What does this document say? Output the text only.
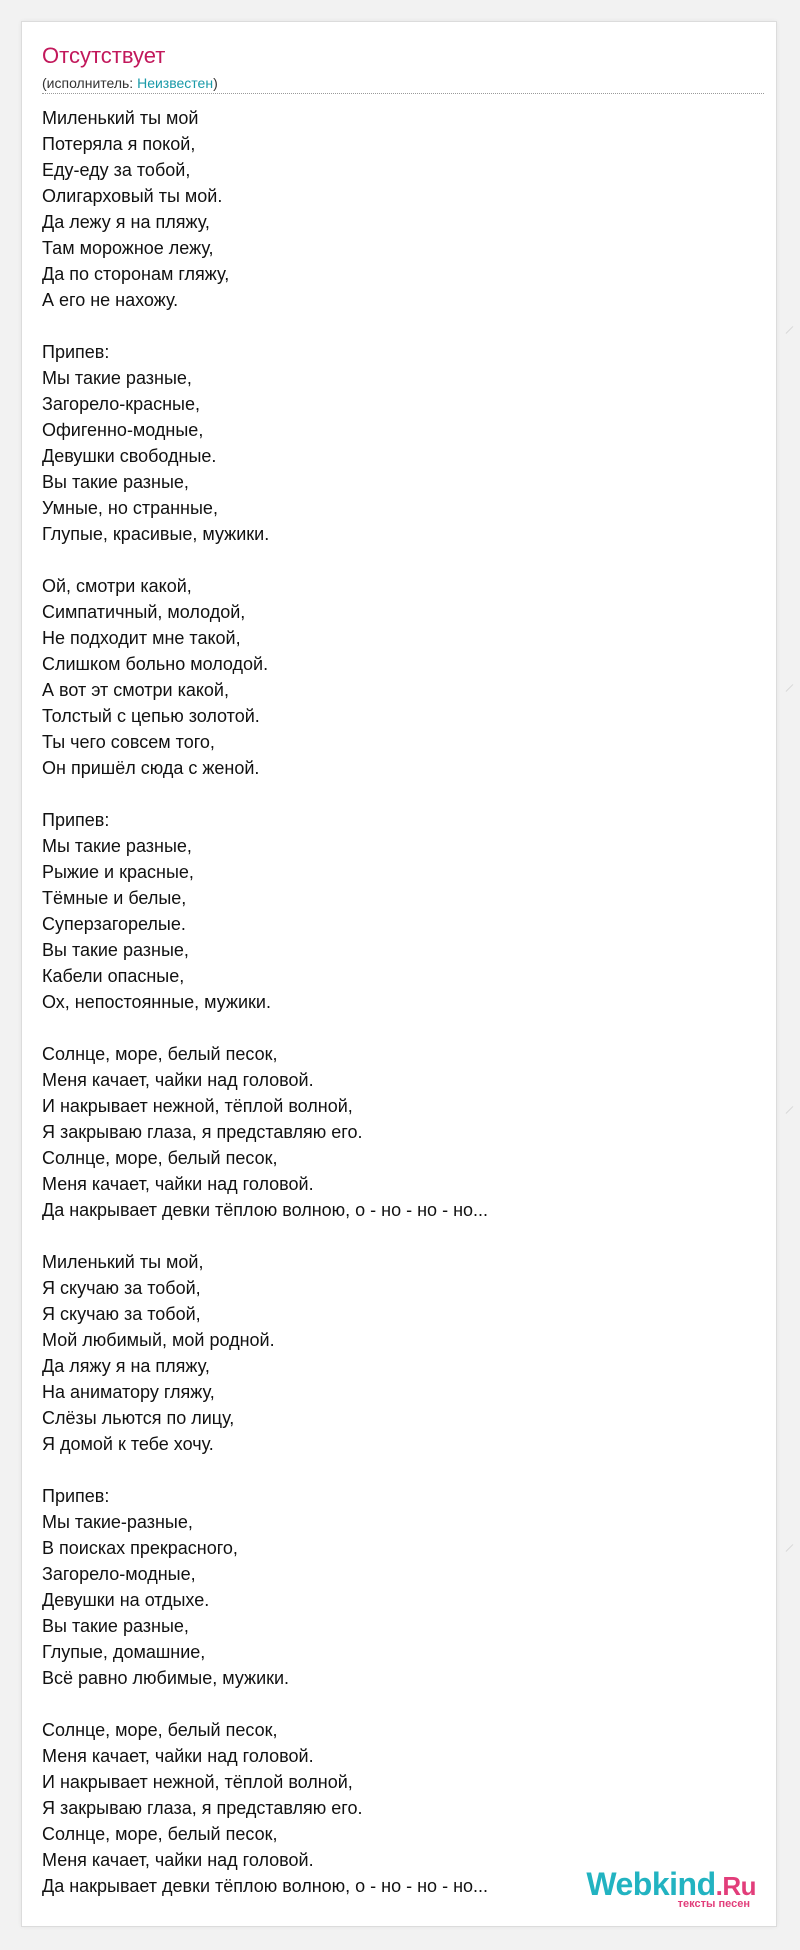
Отсутствует
(исполнитель: Неизвестен)
Миленький ты мой
Потеряла я покой,
Еду-еду за тобой,
Олигарховый ты мой.
Да лежу я на пляжу,
Там морожное лежу,
Да по сторонам гляжу,
А его не нахожу.
Припев:
Мы такие разные,
Загорело-красные,
Офигенно-модные,
Девушки свободные.
Вы такие разные,
Умные, но странные,
Глупые, красивые, мужики.
Ой, смотри какой,
Симпатичный, молодой,
Не подходит мне такой,
Слишком больно молодой.
А вот эт смотри какой,
Толстый с цепью золотой.
Ты чего совсем того,
Он пришёл сюда с женой.
Припев:
Мы такие разные,
Рыжие и красные,
Тёмные и белые,
Суперзагорелые.
Вы такие разные,
Кабели опасные,
Ох, непостоянные, мужики.
Солнце, море, белый песок,
Меня качает, чайки над головой.
И накрывает нежной, тёплой волной,
Я закрываю глаза, я представляю его.
Солнце, море, белый песок,
Меня качает, чайки над головой.
Да накрывает девки тёплою волною, о - но - но - но...
Миленький ты мой,
Я скучаю за тобой,
Я скучаю за тобой,
Мой любимый, мой родной.
Да ляжу я на пляжу,
На аниматору гляжу,
Слёзы льются по лицу,
Я домой к тебе хочу.
Припев:
Мы такие-разные,
В поисках прекрасного,
Загорело-модные,
Девушки на отдыхе.
Вы такие разные,
Глупые, домашние,
Всё равно любимые, мужики.
Солнце, море, белый песок,
Меня качает, чайки над головой.
И накрывает нежной, тёплой волной,
Я закрываю глаза, я представляю его.
Солнце, море, белый песок,
Меня качает, чайки над головой.
Да накрывает девки тёплою волною, о - но - но - но...	Webkind.Ru
тексты песен
